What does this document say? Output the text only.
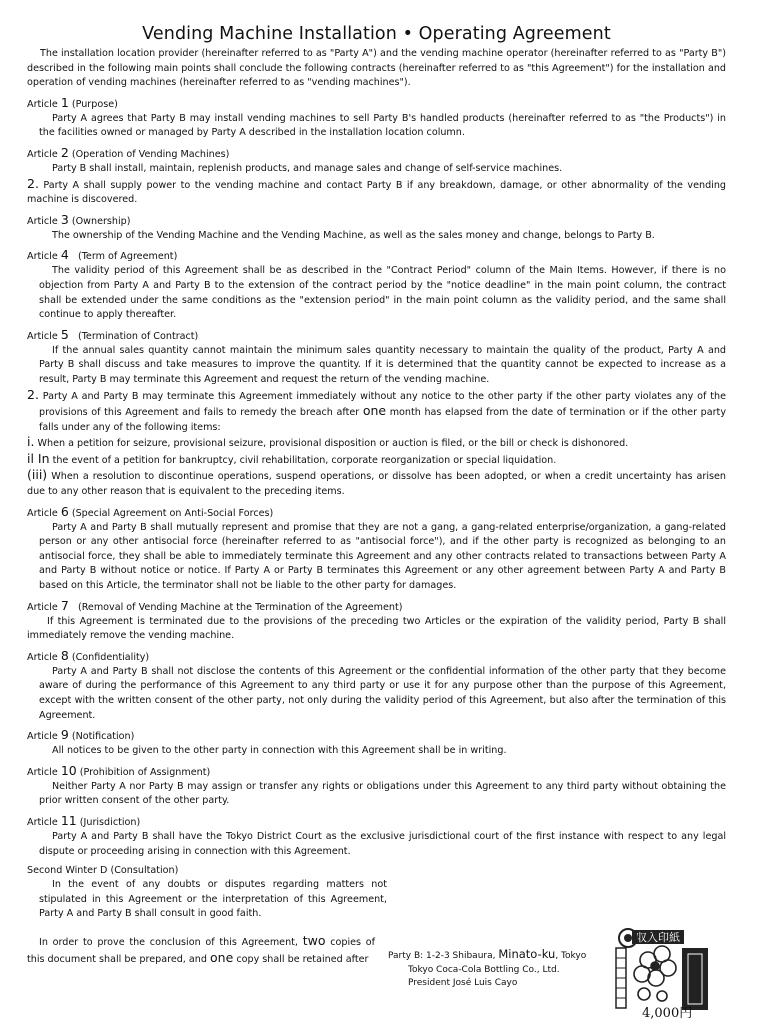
Vending Machine Installation • Operating Agreement

The installation location provider (hereinafter referred to as "Party A") and the vending machine operator (hereinafter referred to as "Party B") described in the following main points shall conclude the following contracts (hereinafter referred to as "this Agreement") for the installation and operation of vending machines (hereinafter referred to as "vending machines").

Article 1 (Purpose)

Party A agrees that Party B may install vending machines to sell Party B's handled products (hereinafter referred to as "the Products") in the facilities owned or managed by Party A described in the installation location column.

Article 2 (Operation of Vending Machines)

Party B shall install, maintain, replenish products, and manage sales and change of self-service machines.

2. Party A shall supply power to the vending machine and contact Party B if any breakdown, damage, or other abnormality of the vending machine is discovered.

Article 3 (Ownership)

The ownership of the Vending Machine and the Vending Machine, as well as the sales money and change, belongs to Party B.

Article 4   (Term of Agreement)

The validity period of this Agreement shall be as described in the "Contract Period" column of the Main Items. However, if there is no objection from Party A and Party B to the extension of the contract period by the "notice deadline" in the main point column, the contract shall be extended under the same conditions as the "extension period" in the main point column as the validity period, and the same shall continue to apply thereafter.

Article 5   (Termination of Contract)

If the annual sales quantity cannot maintain the minimum sales quantity necessary to maintain the quality of the product, Party A and Party B shall discuss and take measures to improve the quantity. If it is determined that the quantity cannot be expected to increase as a result, Party B may terminate this Agreement and request the return of the vending machine.

2. Party A and Party B may terminate this Agreement immediately without any notice to the other party if the other party violates any of the provisions of this Agreement and fails to remedy the breach after one month has elapsed from the date of termination or if the other party falls under any of the following items:

i. When a petition for seizure, provisional seizure, provisional disposition or auction is filed, or the bill or check is dishonored.

il In the event of a petition for bankruptcy, civil rehabilitation, corporate reorganization or special liquidation.

(iii) When a resolution to discontinue operations, suspend operations, or dissolve has been adopted, or when a credit uncertainty has arisen due to any other reason that is equivalent to the preceding items.

Article 6 (Special Agreement on Anti-Social Forces)

Party A and Party B shall mutually represent and promise that they are not a gang, a gang-related enterprise/organization, a gang-related person or any other antisocial force (hereinafter referred to as "antisocial force"), and if the other party is recognized as belonging to an antisocial force, they shall be able to immediately terminate this Agreement and any other contracts related to transactions between Party A and Party B without notice or notice. If Party A or Party B terminates this Agreement or any other agreement between Party A and Party B based on this Article, the terminator shall not be liable to the other party for damages.

Article 7   (Removal of Vending Machine at the Termination of the Agreement)

If this Agreement is terminated due to the provisions of the preceding two Articles or the expiration of the validity period, Party B shall immediately remove the vending machine.

Article 8 (Confidentiality)

Party A and Party B shall not disclose the contents of this Agreement or the confidential information of the other party that they become aware of during the performance of this Agreement to any third party or use it for any purpose other than the purpose of this Agreement, except with the written consent of the other party, not only during the validity period of this Agreement, but also after the termination of this Agreement.

Article 9 (Notification)

All notices to be given to the other party in connection with this Agreement shall be in writing.

Article 10 (Prohibition of Assignment)

Neither Party A nor Party B may assign or transfer any rights or obligations under this Agreement to any third party without obtaining the prior written consent of the other party.

Article 11 (Jurisdiction)

Party A and Party B shall have the Tokyo District Court as the exclusive jurisdictional court of the first instance with respect to any legal dispute or proceeding arising in connection with this Agreement.

Second Winter D (Consultation)

In the event of any doubts or disputes regarding matters not stipulated in this Agreement or the interpretation of this Agreement, Party A and Party B shall consult in good faith.

In order to prove the conclusion of this Agreement, two copies of this document shall be prepared, and one copy shall be retained after	Party B: 1-2-3 Shibaura, Minato-ku, Tokyo
Tokyo Coca-Cola Bottling Co., Ltd.
President José Luis Cayo
収入印紙
4,000円
